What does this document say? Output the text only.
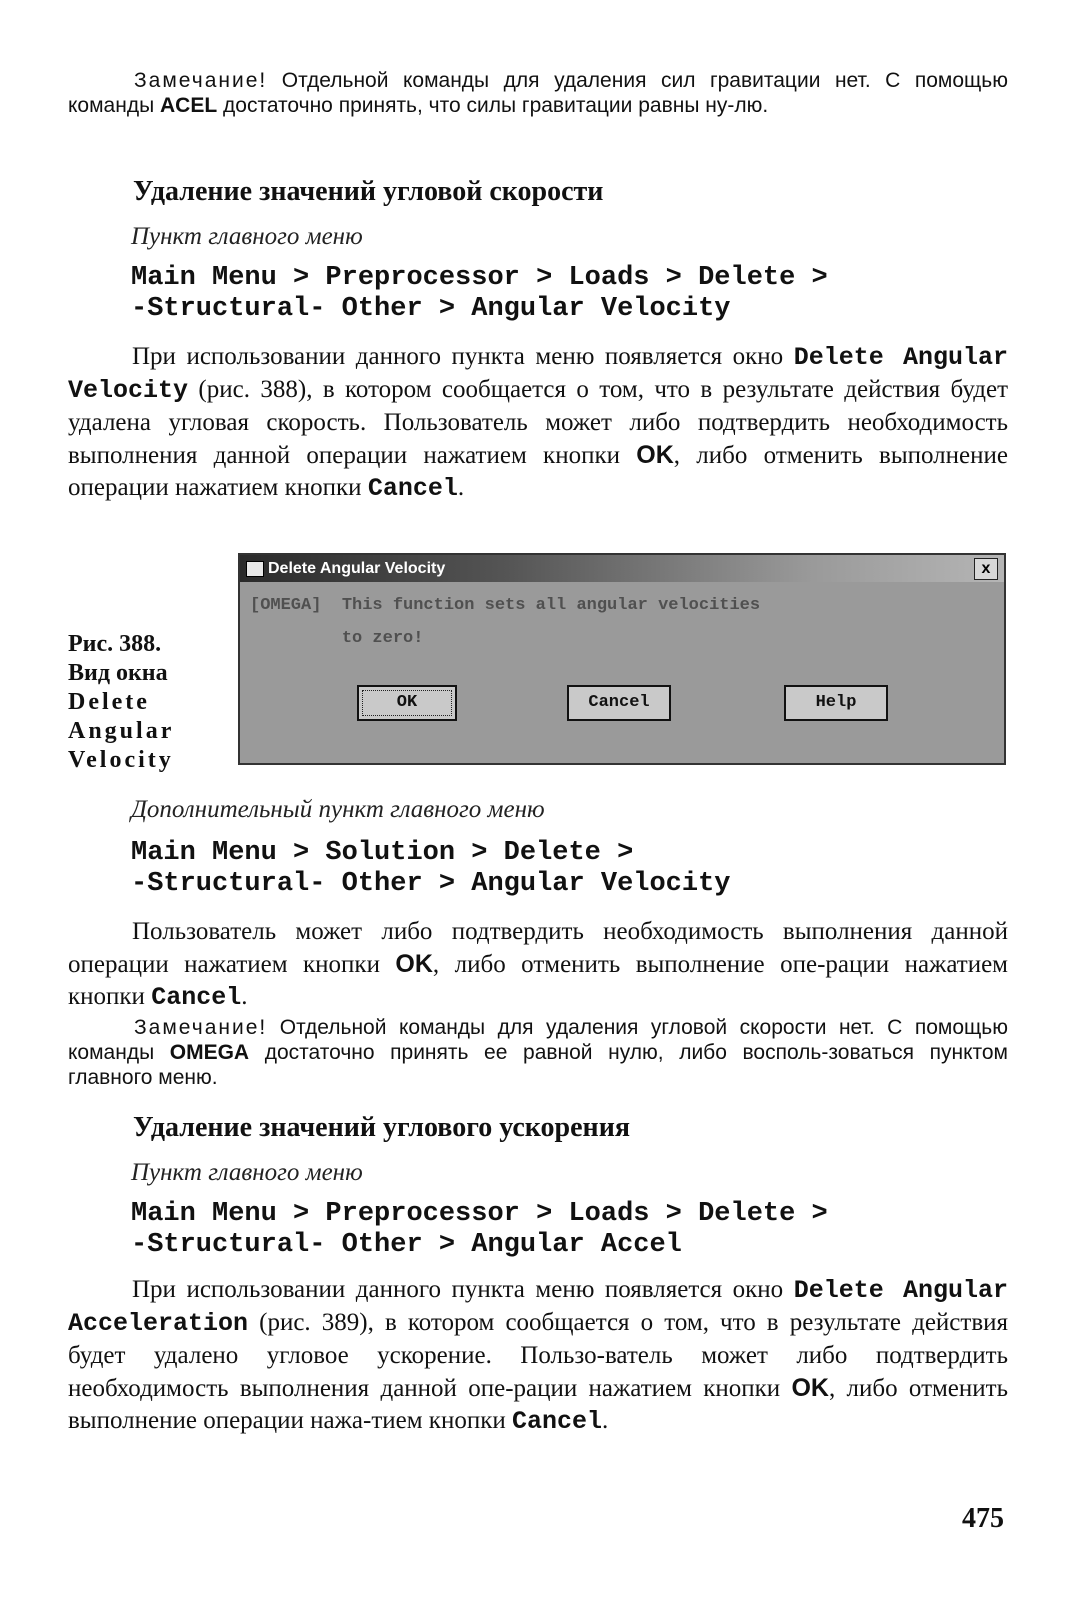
Замечание! Отдельной команды для удаления сил гравитации нет. С помощью команды ACEL достаточно принять, что силы гравитации равны ну-лю.
Удаление значений угловой скорости
Пункт главного меню
Main Menu > Preprocessor > Loads > Delete >
-Structural- Other > Angular Velocity
При использовании данного пункта меню появляется окно Delete Angular Velocity (рис. 388), в котором сообщается о том, что в результате действия будет удалена угловая скорость. Пользователь может либо подтвердить необходимость выполнения данной операции нажатием кнопки OK, либо отменить выполнение операции нажатием кнопки Cancel.
Рис. 388.
Вид окна
Delete
Angular
Velocity
Delete Angular Velocity	x
[OMEGA]  This function sets all angular velocities
to zero!
OK	Cancel	Help
Дополнительный пункт главного меню
Main Menu > Solution > Delete >
-Structural- Other > Angular Velocity
Пользователь может либо подтвердить необходимость выполнения данной операции нажатием кнопки OK, либо отменить выполнение опе-рации нажатием кнопки Cancel.
Замечание! Отдельной команды для удаления угловой скорости нет. С помощью команды OMEGA достаточно принять ее равной нулю, либо восполь-зоваться пунктом главного меню.
Удаление значений углового ускорения
Пункт главного меню
Main Menu > Preprocessor > Loads > Delete >
-Structural- Other > Angular Accel
При использовании данного пункта меню появляется окно Delete Angular Acceleration (рис. 389), в котором сообщается о том, что в результате действия будет удалено угловое ускорение. Пользо-ватель может либо подтвердить необходимость выполнения данной опе-рации нажатием кнопки OK, либо отменить выполнение операции нажа-тием кнопки Cancel.
475
